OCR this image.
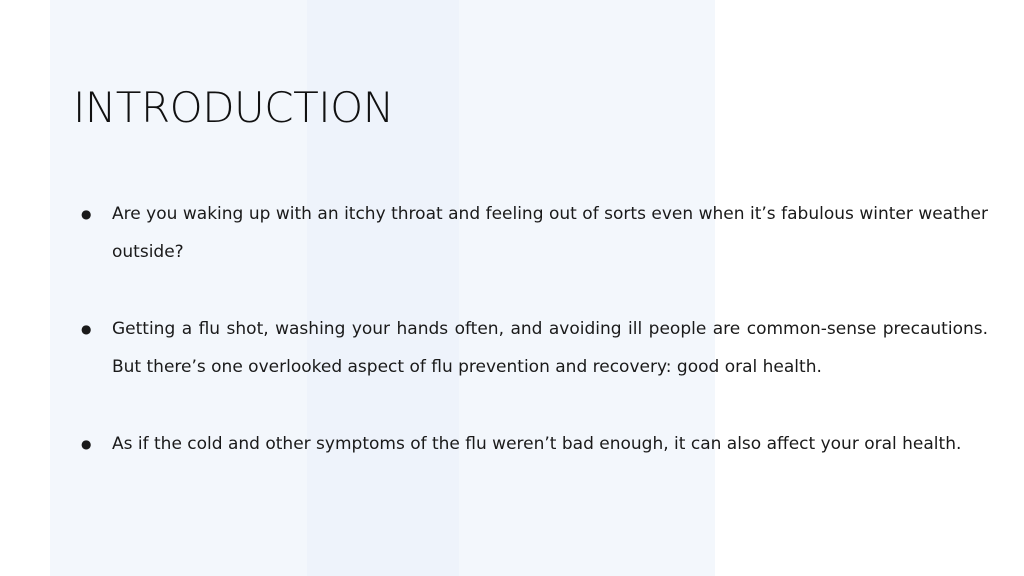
INTRODUCTION
● Are you waking up with an itchy throat and feeling out of sorts even when it’s fabulous winter weather outside?
● Getting a flu shot, washing your hands often, and avoiding ill people are common-sense precautions. But there’s one overlooked aspect of flu prevention and recovery: good oral health.
● As if the cold and other symptoms of the flu weren’t bad enough, it can also affect your oral health.
